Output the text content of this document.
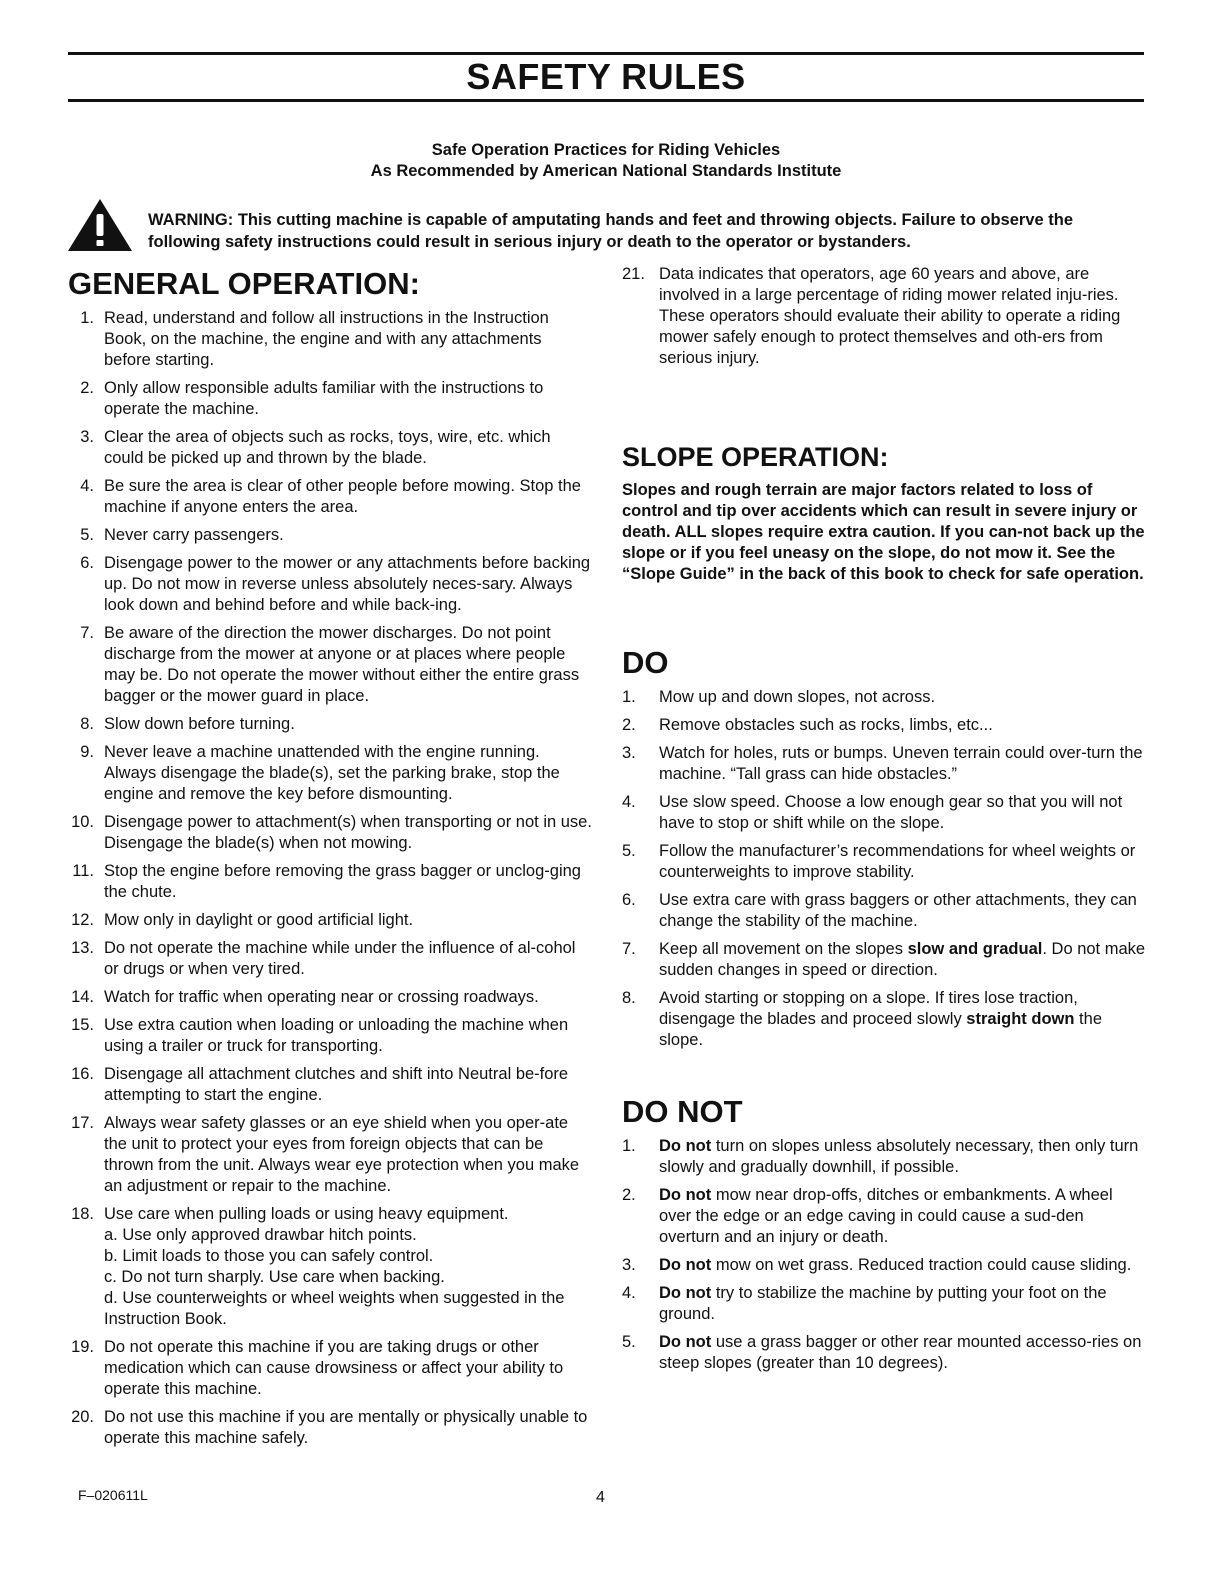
SAFETY RULES
Safe Operation Practices for Riding Vehicles
As Recommended by American National Standards Institute
WARNING: This cutting machine is capable of amputating hands and feet and throwing objects. Failure to observe the following safety instructions could result in serious injury or death to the operator or bystanders.
GENERAL OPERATION:
1. Read, understand and follow all instructions in the Instruction Book, on the machine, the engine and with any attachments before starting.
2. Only allow responsible adults familiar with the instructions to operate the machine.
3. Clear the area of objects such as rocks, toys, wire, etc. which could be picked up and thrown by the blade.
4. Be sure the area is clear of other people before mowing. Stop the machine if anyone enters the area.
5. Never carry passengers.
6. Disengage power to the mower or any attachments before backing up. Do not mow in reverse unless absolutely neces-sary. Always look down and behind before and while back-ing.
7. Be aware of the direction the mower discharges. Do not point discharge from the mower at anyone or at places where people may be. Do not operate the mower without either the entire grass bagger or the mower guard in place.
8. Slow down before turning.
9. Never leave a machine unattended with the engine running. Always disengage the blade(s), set the parking brake, stop the engine and remove the key before dismounting.
10. Disengage power to attachment(s) when transporting or not in use. Disengage the blade(s) when not mowing.
11. Stop the engine before removing the grass bagger or unclog-ging the chute.
12. Mow only in daylight or good artificial light.
13. Do not operate the machine while under the influence of al-cohol or drugs or when very tired.
14. Watch for traffic when operating near or crossing roadways.
15. Use extra caution when loading or unloading the machine when using a trailer or truck for transporting.
16. Disengage all attachment clutches and shift into Neutral be-fore attempting to start the engine.
17. Always wear safety glasses or an eye shield when you oper-ate the unit to protect your eyes from foreign objects that can be thrown from the unit. Always wear eye protection when you make an adjustment or repair to the machine.
18. Use care when pulling loads or using heavy equipment.
a. Use only approved drawbar hitch points.
b. Limit loads to those you can safely control.
c. Do not turn sharply. Use care when backing.
d. Use counterweights or wheel weights when suggested in the Instruction Book.
19. Do not operate this machine if you are taking drugs or other medication which can cause drowsiness or affect your ability to operate this machine.
20. Do not use this machine if you are mentally or physically unable to operate this machine safely.
21. Data indicates that operators, age 60 years and above, are involved in a large percentage of riding mower related inju-ries. These operators should evaluate their ability to operate a riding mower safely enough to protect themselves and oth-ers from serious injury.
SLOPE OPERATION:

Slopes and rough terrain are major factors related to loss of control and tip over accidents which can result in severe injury or death. ALL slopes require extra caution. If you can-not back up the slope or if you feel uneasy on the slope, do not mow it. See the “Slope Guide” in the back of this book to check for safe operation.

DO
1. Mow up and down slopes, not across.
2. Remove obstacles such as rocks, limbs, etc...
3. Watch for holes, ruts or bumps. Uneven terrain could over-turn the machine. “Tall grass can hide obstacles.”
4. Use slow speed. Choose a low enough gear so that you will not have to stop or shift while on the slope.
5. Follow the manufacturer’s recommendations for wheel weights or counterweights to improve stability.
6. Use extra care with grass baggers or other attachments, they can change the stability of the machine.
7. Keep all movement on the slopes slow and gradual. Do not make sudden changes in speed or direction.
8. Avoid starting or stopping on a slope. If tires lose traction, disengage the blades and proceed slowly straight down the slope.
DO NOT
1. Do not turn on slopes unless absolutely necessary, then only turn slowly and gradually downhill, if possible.
2. Do not mow near drop-offs, ditches or embankments. A wheel over the edge or an edge caving in could cause a sud-den overturn and an injury or death.
3. Do not mow on wet grass. Reduced traction could cause sliding.
4. Do not try to stabilize the machine by putting your foot on the ground.
5. Do not use a grass bagger or other rear mounted accesso-ries on steep slopes (greater than 10 degrees).
F–020611L	4
